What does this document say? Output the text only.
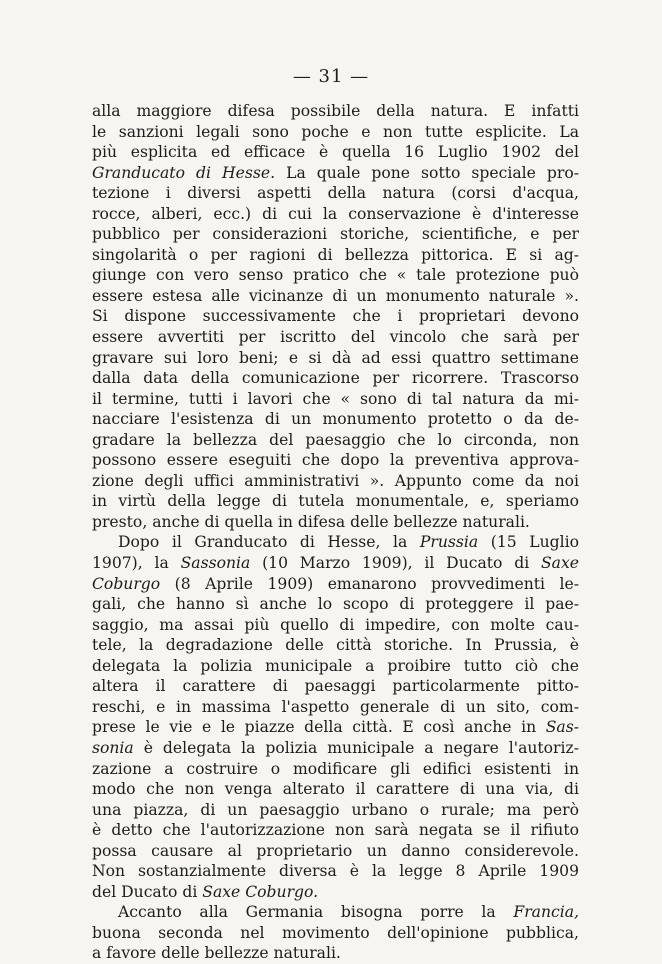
— 31 —
alla maggiore difesa possibile della natura. E infatti
le sanzioni legali sono poche e non tutte esplicite. La
più esplicita ed efficace è quella 16 Luglio 1902 del
Granducato di Hesse. La quale pone sotto speciale pro-
tezione i diversi aspetti della natura (corsi d'acqua,
rocce, alberi, ecc.) di cui la conservazione è d'interesse
pubblico per considerazioni storiche, scientifiche, e per
singolarità o per ragioni di bellezza pittorica. E si ag-
giunge con vero senso pratico che « tale protezione può
essere estesa alle vicinanze di un monumento naturale ».
Si dispone successivamente che i proprietari devono
essere avvertiti per iscritto del vincolo che sarà per
gravare sui loro beni; e si dà ad essi quattro settimane
dalla data della comunicazione per ricorrere. Trascorso
il termine, tutti i lavori che « sono di tal natura da mi-
nacciare l'esistenza di un monumento protetto o da de-
gradare la bellezza del paesaggio che lo circonda, non
possono essere eseguiti che dopo la preventiva approva-
zione degli uffici amministrativi ». Appunto come da noi
in virtù della legge di tutela monumentale, e, speriamo
presto, anche di quella in difesa delle bellezze naturali.
Dopo il Granducato di Hesse, la Prussia (15 Luglio
1907), la Sassonia (10 Marzo 1909), il Ducato di Saxe
Coburgo (8 Aprile 1909) emanarono provvedimenti le-
gali, che hanno sì anche lo scopo di proteggere il pae-
saggio, ma assai più quello di impedire, con molte cau-
tele, la degradazione delle città storiche. In Prussia, è
delegata la polizia municipale a proibire tutto ciò che
altera il carattere di paesaggi particolarmente pitto-
reschi, e in massima l'aspetto generale di un sito, com-
prese le vie e le piazze della città. E così anche in Sas-
sonia è delegata la polizia municipale a negare l'autoriz-
zazione a costruire o modificare gli edifici esistenti in
modo che non venga alterato il carattere di una via, di
una piazza, di un paesaggio urbano o rurale; ma però
è detto che l'autorizzazione non sarà negata se il rifiuto
possa causare al proprietario un danno considerevole.
Non sostanzialmente diversa è la legge 8 Aprile 1909
del Ducato di Saxe Coburgo.
Accanto alla Germania bisogna porre la Francia,
buona seconda nel movimento dell'opinione pubblica,
a favore delle bellezze naturali.
